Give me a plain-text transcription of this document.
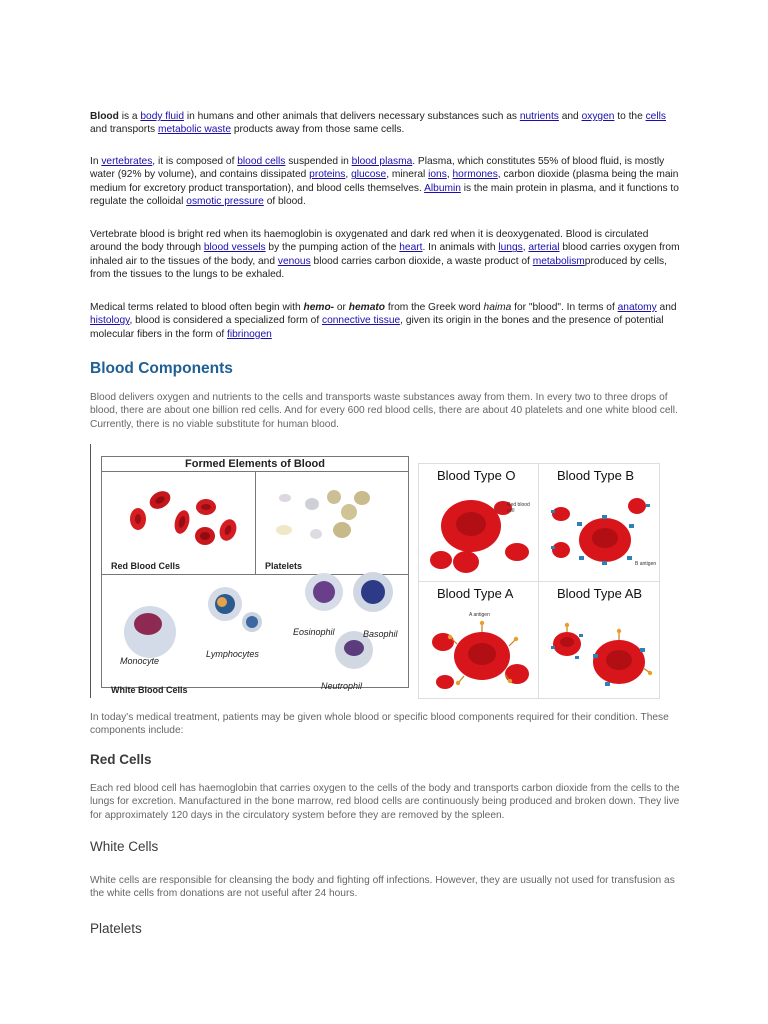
Blood is a body fluid in humans and other animals that delivers necessary substances such as nutrients and oxygen to the cells and transports metabolic waste products away from those same cells.

In vertebrates, it is composed of blood cells suspended in blood plasma. Plasma, which constitutes 55% of blood fluid, is mostly water (92% by volume), and contains dissipated proteins, glucose, mineral ions, hormones, carbon dioxide (plasma being the main medium for excretory product transportation), and blood cells themselves. Albumin is the main protein in plasma, and it functions to regulate the colloidal osmotic pressure of blood.

Vertebrate blood is bright red when its haemoglobin is oxygenated and dark red when it is deoxygenated. Blood is circulated around the body through blood vessels by the pumping action of the heart. In animals with lungs, arterial blood carries oxygen from inhaled air to the tissues of the body, and venous blood carries carbon dioxide, a waste product of metabolismproduced by cells, from the tissues to the lungs to be exhaled.

Medical terms related to blood often begin with hemo- or hemato from the Greek word haima for "blood". In terms of anatomy and histology, blood is considered a specialized form of connective tissue, given its origin in the bones and the presence of potential molecular fibers in the form of fibrinogen

Blood Components

Blood delivers oxygen and nutrients to the cells and transports waste substances away from them. In every two to three drops of blood, there are about one billion red cells. And for every 600 red blood cells, there are about 40 platelets and one white blood cell. Currently, there is no viable substitute for human blood.

In today's medical treatment, patients may be given whole blood or specific blood components required for their condition. These components include:

Red Cells

Each red blood cell has haemoglobin that carries oxygen to the cells of the body and transports carbon dioxide from the cells to the lungs for excretion. Manufactured in the bone marrow, red blood cells are continuously being produced and broken down. They live for approximately 120 days in the circulatory system before they are removed by the spleen.

White Cells

White cells are responsible for cleansing the body and fighting off infections. However, they are usually not used for transfusion as the white cells from donations are not useful after 24 hours.

Platelets
Formed Elements of Blood
Red Blood Cells	Platelets
White Blood Cells
Monocyte
Lymphocytes
Eosinophil	Basophil
Neutrophil
Blood Type O
Red blood cell
Blood Type B
B antigen
Blood Type A
A antigen
Blood Type AB
